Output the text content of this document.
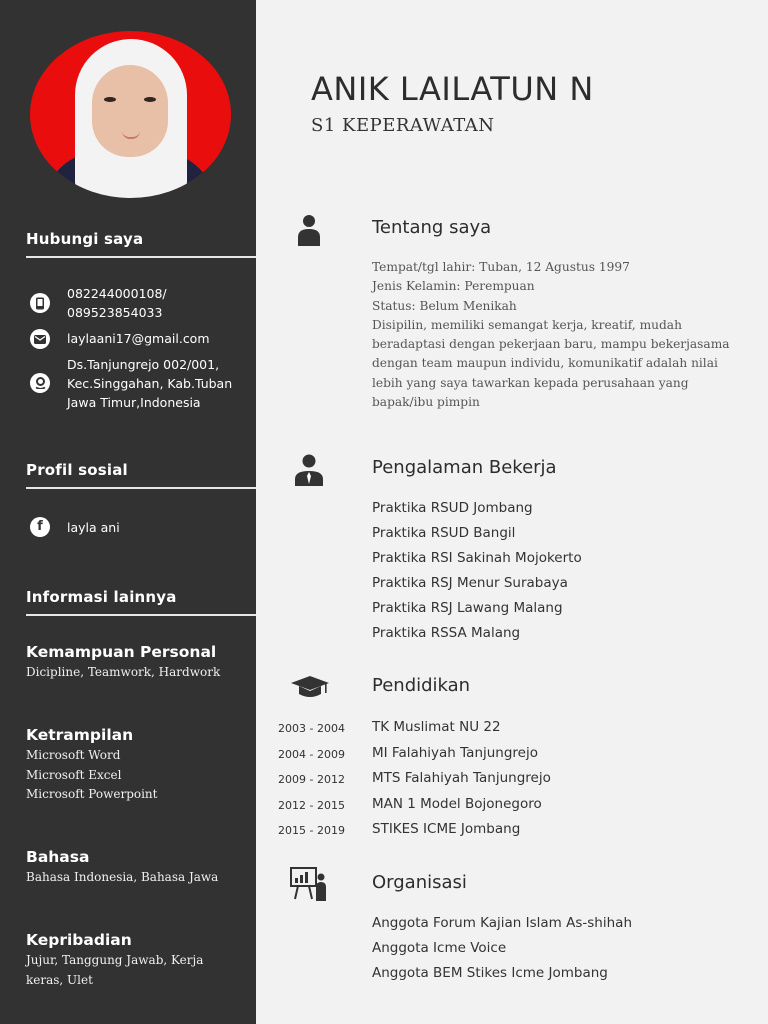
Hubungi saya
082244000108/
089523854033
laylaani17@gmail.com
Ds.Tanjungrejo 002/001,
Kec.Singgahan, Kab.Tuban
Jawa Timur,Indonesia
Profil sosial
f layla ani
Informasi lainnya
Kemampuan Personal
Dicipline, Teamwork, Hardwork
Ketrampilan
Microsoft Word
Microsoft Excel
Microsoft Powerpoint
Bahasa
Bahasa Indonesia, Bahasa Jawa
Kepribadian
Jujur, Tanggung Jawab, Kerja
keras, Ulet
ANIK LAILATUN N
S1 KEPERAWATAN
Tentang saya
Tempat/tgl lahir: Tuban, 12 Agustus 1997
Jenis Kelamin: Perempuan
Status: Belum Menikah
Disipilin, memiliki semangat kerja, kreatif, mudah
beradaptasi dengan pekerjaan baru, mampu bekerjasama
dengan team maupun individu, komunikatif adalah nilai
lebih yang saya tawarkan kepada perusahaan yang
bapak/ibu pimpin
Pengalaman Bekerja
Praktika RSUD Jombang
Praktika RSUD Bangil
Praktika RSI Sakinah Mojokerto
Praktika RSJ Menur Surabaya
Praktika RSJ Lawang Malang
Praktika RSSA Malang
Pendidikan
2003 - 2004
2004 - 2009
2009 - 2012
2012 - 2015
2015 - 2019
TK Muslimat NU 22
MI Falahiyah Tanjungrejo
MTS Falahiyah Tanjungrejo
MAN 1 Model Bojonegoro
STIKES ICME Jombang
Organisasi
Anggota Forum Kajian Islam As-shihah
Anggota Icme Voice
Anggota BEM Stikes Icme Jombang
